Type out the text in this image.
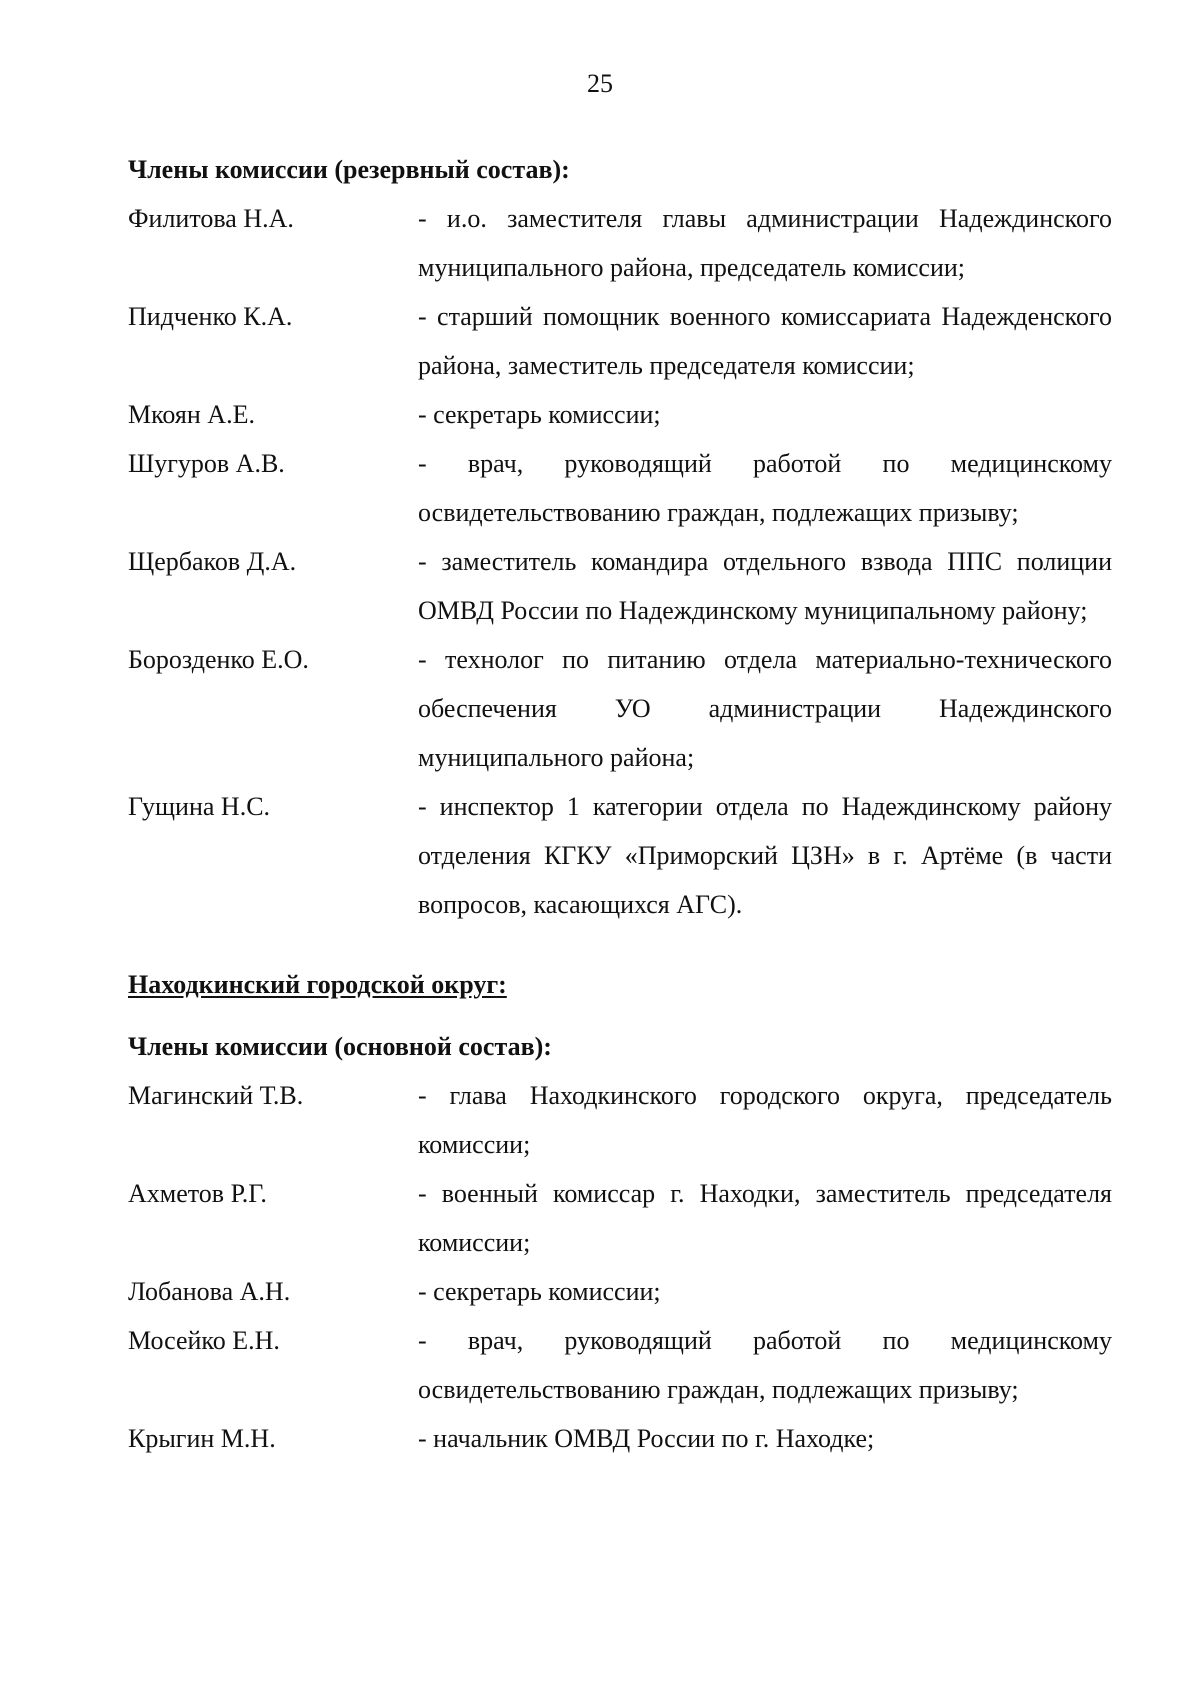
25
Члены комиссии (резервный состав):
Филитова Н.А.	- и.о. заместителя главы администрации Надеждинского муниципального района, председатель комиссии;
Пидченко К.А.	- старший помощник военного комиссариата Надежденского района, заместитель председателя комиссии;
Мкоян А.Е.	- секретарь комиссии;
Шугуров А.В.	- врач, руководящий работой по медицинскому освидетельствованию граждан, подлежащих призыву;
Щербаков Д.А.	- заместитель командира отдельного взвода ППС полиции ОМВД России по Надеждинскому муниципальному району;
Борозденко Е.О.	- технолог по питанию отдела материально-технического обеспечения УО администрации Надеждинского муниципального района;
Гущина Н.С.	- инспектор 1 категории отдела по Надеждинскому району отделения КГКУ «Приморский ЦЗН» в г. Артёме (в части вопросов, касающихся АГС).
Находкинский городской округ:
Члены комиссии (основной состав):
Магинский Т.В.	- глава Находкинского городского округа, председатель комиссии;
Ахметов Р.Г.	- военный комиссар г. Находки, заместитель председателя комиссии;
Лобанова А.Н.	- секретарь комиссии;
Мосейко Е.Н.	- врач, руководящий работой по медицинскому освидетельствованию граждан, подлежащих призыву;
Крыгин М.Н.	- начальник ОМВД России по г. Находке;
